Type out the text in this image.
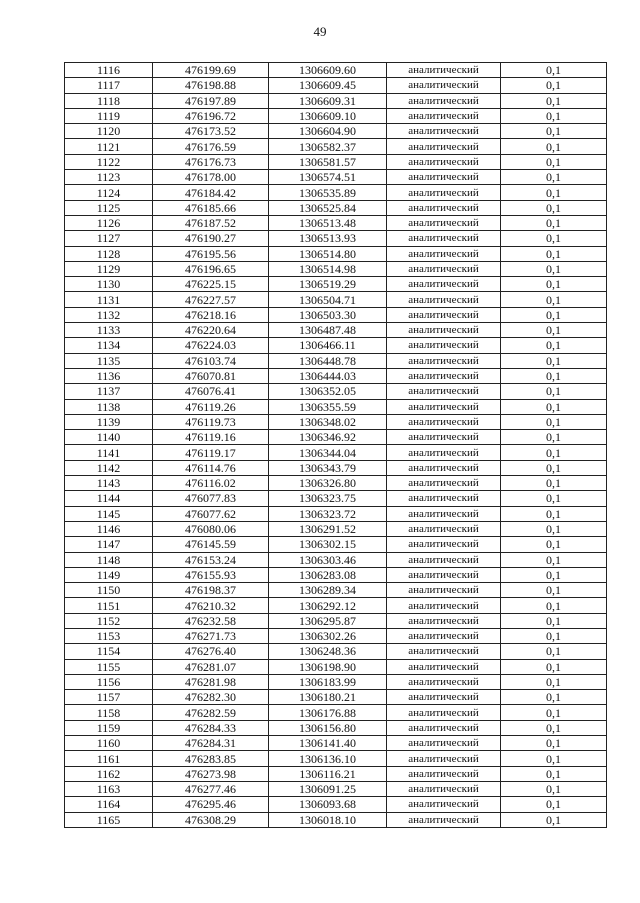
49
1116	476199.69	1306609.60	аналитический	0,1
1117	476198.88	1306609.45	аналитический	0,1
1118	476197.89	1306609.31	аналитический	0,1
1119	476196.72	1306609.10	аналитический	0,1
1120	476173.52	1306604.90	аналитический	0,1
1121	476176.59	1306582.37	аналитический	0,1
1122	476176.73	1306581.57	аналитический	0,1
1123	476178.00	1306574.51	аналитический	0,1
1124	476184.42	1306535.89	аналитический	0,1
1125	476185.66	1306525.84	аналитический	0,1
1126	476187.52	1306513.48	аналитический	0,1
1127	476190.27	1306513.93	аналитический	0,1
1128	476195.56	1306514.80	аналитический	0,1
1129	476196.65	1306514.98	аналитический	0,1
1130	476225.15	1306519.29	аналитический	0,1
1131	476227.57	1306504.71	аналитический	0,1
1132	476218.16	1306503.30	аналитический	0,1
1133	476220.64	1306487.48	аналитический	0,1
1134	476224.03	1306466.11	аналитический	0,1
1135	476103.74	1306448.78	аналитический	0,1
1136	476070.81	1306444.03	аналитический	0,1
1137	476076.41	1306352.05	аналитический	0,1
1138	476119.26	1306355.59	аналитический	0,1
1139	476119.73	1306348.02	аналитический	0,1
1140	476119.16	1306346.92	аналитический	0,1
1141	476119.17	1306344.04	аналитический	0,1
1142	476114.76	1306343.79	аналитический	0,1
1143	476116.02	1306326.80	аналитический	0,1
1144	476077.83	1306323.75	аналитический	0,1
1145	476077.62	1306323.72	аналитический	0,1
1146	476080.06	1306291.52	аналитический	0,1
1147	476145.59	1306302.15	аналитический	0,1
1148	476153.24	1306303.46	аналитический	0,1
1149	476155.93	1306283.08	аналитический	0,1
1150	476198.37	1306289.34	аналитический	0,1
1151	476210.32	1306292.12	аналитический	0,1
1152	476232.58	1306295.87	аналитический	0,1
1153	476271.73	1306302.26	аналитический	0,1
1154	476276.40	1306248.36	аналитический	0,1
1155	476281.07	1306198.90	аналитический	0,1
1156	476281.98	1306183.99	аналитический	0,1
1157	476282.30	1306180.21	аналитический	0,1
1158	476282.59	1306176.88	аналитический	0,1
1159	476284.33	1306156.80	аналитический	0,1
1160	476284.31	1306141.40	аналитический	0,1
1161	476283.85	1306136.10	аналитический	0,1
1162	476273.98	1306116.21	аналитический	0,1
1163	476277.46	1306091.25	аналитический	0,1
1164	476295.46	1306093.68	аналитический	0,1
1165	476308.29	1306018.10	аналитический	0,1
